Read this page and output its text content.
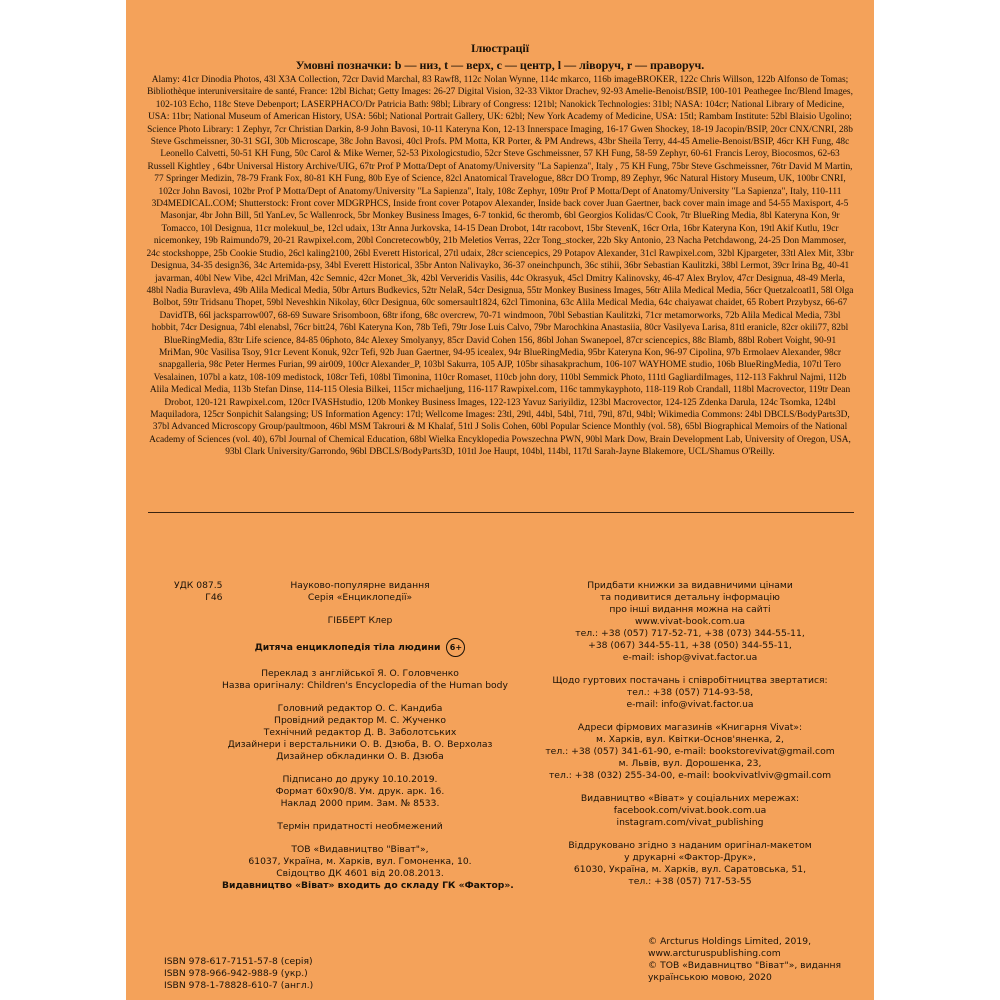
Ілюстрації
Умовні позначки: b — низ, t — верх, c — центр, l — ліворуч, r — праворуч.

Alamy: 41cr Dinodia Photos, 43l X3A Collection, 72cr David Marchal, 83 Rawf8, 112c Nolan Wynne, 114c mkarco, 116b imageBROKER, 122c Chris Willson, 122b Alfonso de Tomas; Bibliothèque interuniversitaire de santé, France: 12bl Bichat; Getty Images: 26-27 Digital Vision, 32-33 Viktor Drachev, 92-93 Amelie-Benoist/BSIP, 100-101 Peathegee Inc/Blend Images, 102-103 Echo, 118c Steve Debenport; LASERPHACO/Dr Patricia Bath: 98bl; Library of Congress: 121bl; Nanokick Technologies: 31bl; NASA: 104cr; National Library of Medicine, USA: 11br; National Museum of American History, USA: 56bl; National Portrait Gallery, UK: 62bl; New York Academy of Medicine, USA: 15tl; Rambam Institute: 52bl Blaisio Ugolino; Science Photo Library: 1 Zephyr, 7cr Christian Darkin, 8-9 John Bavosi, 10-11 Kateryna Kon, 12-13 Innerspace Imaging, 16-17 Gwen Shockey, 18-19 Jacopin/BSIP, 20cr CNX/CNRI, 28b Steve Gschmeissner, 30-31 SGI, 30b Microscape, 38c John Bavosi, 40cl Profs. PM Motta, KR Porter, & PM Andrews, 43br Sheila Terry, 44-45 Amelie-Benoist/BSIP, 46cr KH Fung, 48c Leonello Calvetti, 50-51 KH Fung, 50c Carol & Mike Werner, 52-53 Pixologicstudio, 52cr Steve Gschmeissner, 57 KH Fung, 58-59 Zephyr, 60-61 Francis Leroy, Biocosmos, 62-63 Russell Kightley , 64br Universal History Archive/UIG, 67tr Prof P Motta/Dept of Anatomy/University "La Sapienza", Italy , 75 KH Fung, 75br Steve Gschmeissner, 76tr David M Martin, 77 Springer Medizin, 78-79 Frank Fox, 80-81 KH Fung, 80b Eye of Science, 82cl Anatomical Travelogue, 88cr DO Tromp, 89 Zephyr, 96c Natural History Museum, UK, 100br CNRI, 102cr John Bavosi, 102br Prof P Motta/Dept of Anatomy/University "La Sapienza", Italy, 108c Zephyr, 109tr Prof P Motta/Dept of Anatomy/University "La Sapienza", Italy, 110-111 3D4MEDICAL.COM; Shutterstock: Front cover MDGRPHCS, Inside front cover Potapov Alexander, Inside back cover Juan Gaertner, back cover main image and 54-55 Maxisport, 4-5 Masonjar, 4br John Bill, 5tl YanLev, 5c Wallenrock, 5br Monkey Business Images, 6-7 tonkid, 6c theromb, 6bl Georgios Kolidas/C Cook, 7tr BlueRing Media, 8bl Kateryna Kon, 9r Tomacco, 10l Designua, 11cr molekuul_be, 12cl udaix, 13tr Anna Jurkovska, 14-15 Dean Drobot, 14tr racobovt, 15br StevenK, 16cr Orla, 16br Kateryna Kon, 19tl Akif Kutlu, 19cr nicemonkey, 19b Raimundo79, 20-21 Rawpixel.com, 20bl Concretecowb0y, 21b Meletios Verras, 22cr Tong_stocker, 22b Sky Antonio, 23 Nacha Petchdawong, 24-25 Don Mammoser, 24c stockshoppe, 25b Cookie Studio, 26cl kaling2100, 26bl Everett Historical, 27tl udaix, 28cr sciencepics, 29 Potapov Alexander, 31cl Rawpixel.com, 32bl Kjpargeter, 33tl Alex Mit, 33br Designua, 34-35 design36, 34c Artemida-psy, 34bl Everett Historical, 35br Anton Nalivayko, 36-37 oneinchpunch, 36c stihii, 36br Sebastian Kaulitzki, 38bl Lermot, 39cr Irina Bg, 40-41 javarman, 40bl New Vibe, 42cl MriMan, 42c Semnic, 42cr Monet_3k, 42bl Ververidis Vasilis, 44c Okrasyuk, 45cl Dmitry Kalinovsky, 46-47 Alex Brylov, 47cr Designua, 48-49 Merla, 48bl Nadia Buravleva, 49b Alila Medical Media, 50br Arturs Budkevics, 52tr NelaR, 54cr Designua, 55tr Monkey Business Images, 56tr Alila Medical Media, 56cr Quetzalcoatl1, 58l Olga Bolbot, 59tr Tridsanu Thopet, 59bl Neveshkin Nikolay, 60cr Designua, 60c somersault1824, 62cl Timonina, 63c Alila Medical Media, 64c chaiyawat chaidet, 65 Robert Przybysz, 66-67 DavidTB, 66l jacksparrow007, 68-69 Suware Srisomboon, 68tr ifong, 68c overcrew, 70-71 windmoon, 70bl Sebastian Kaulitzki, 71cr metamorworks, 72b Alila Medical Media, 73bl hobbit, 74cr Designua, 74bl elenabsl, 76cr bitt24, 76bl Kateryna Kon, 78b Tefi, 79tr Jose Luis Calvo, 79br Marochkina Anastasiia, 80cr Vasilyeva Larisa, 81tl eranicle, 82cr okili77, 82bl BlueRingMedia, 83tr Life science, 84-85 06photo, 84c Alexey Smolyanyy, 85cr David Cohen 156, 86bl Johan Swanepoel, 87cr sciencepics, 88c Blamb, 88bl Robert Voight, 90-91 MriMan, 90c Vasilisa Tsoy, 91cr Levent Konuk, 92cr Tefi, 92b Juan Gaertner, 94-95 icealex, 94r BlueRingMedia, 95br Kateryna Kon, 96-97 Cipolina, 97b Ermolaev Alexander, 98cr snapgalleria, 98c Peter Hermes Furian, 99 air009, 100cr Alexander_P, 103bl Sakurra, 105 AJP, 105br sihasakprachum, 106-107 WAYHOME studio, 106b BlueRingMedia, 107tl Tero Vesalainen, 107bl a katz, 108-109 medistock, 108cr Tefi, 108bl Timonina, 110cr Romaset, 110cb john dory, 110bl Semmick Photo, 111tl GagliardiImages, 112-113 Fakhrul Najmi, 112b Alila Medical Media, 113b Stefan Dinse, 114-115 Olesia Bilkei, 115cr michaeljung, 116-117 Rawpixel.com, 116c tammykayphoto, 118-119 Rob Crandall, 118bl Macrovector, 119tr Dean Drobot, 120-121 Rawpixel.com, 120cr IVASHstudio, 120b Monkey Business Images, 122-123 Yavuz Sariyildiz, 123bl Macrovector, 124-125 Zdenka Darula, 124c Tsomka, 124bl Maquiladora, 125cr Sonpichit Salangsing; US Information Agency: 17tl; Wellcome Images: 23tl, 29tl, 44bl, 54bl, 71tl, 79tl, 87tl, 94bl; Wikimedia Commons: 24bl DBCLS/BodyParts3D, 37bl Advanced Microscopy Group/paultmoon, 46bl MSM Takrouri & M Khalaf, 51tl J Solis Cohen, 60bl Popular Science Monthly (vol. 58), 65bl Biographical Memoirs of the National Academy of Sciences (vol. 40), 67bl Journal of Chemical Education, 68bl Wielka Encyklopedia Powszechna PWN, 90bl Mark Dow, Brain Development Lab, University of Oregon, USA, 93bl Clark University/Garrondo, 96bl DBCLS/BodyParts3D, 101tl Joe Haupt, 104bl, 114bl, 117tl Sarah-Jayne Blakemore, UCL/Shamus O'Reilly.

УДК 087.5
Г46
Науково-популярне видання
Серія «Енциклопедії»
ГІББЕРТ Клер
Дитяча енциклопедія тіла людини	6+
Переклад з англійської Я. О. Головченко
Назва оригіналу: Children's Encyclopedia of the Human body
Головний редактор О. С. Кандиба
Провідний редактор М. С. Жученко
Технічний редактор Д. В. Заболотських
Дизайнери і верстальники О. В. Дзюба, В. О. Верхолаз
Дизайнер обкладинки О. В. Дзюба
Підписано до друку 10.10.2019.
Формат 60х90/8. Ум. друк. арк. 16.
Наклад 2000 прим. Зам. № 8533.
Термін придатності необмежений
ТОВ «Видавництво "Віват"»,
61037, Україна, м. Харків, вул. Гомоненка, 10.
Свідоцтво ДК 4601 від 20.08.2013.
Видавництво «Віват» входить до складу ГК «Фактор».
Придбати книжки за видавничими цінами
та подивитися детальну інформацію
про інші видання можна на сайті
www.vivat-book.com.ua
тел.: +38 (057) 717-52-71, +38 (073) 344-55-11,
+38 (067) 344-55-11, +38 (050) 344-55-11,
e-mail: ishop@vivat.factor.ua
Щодо гуртових постачань і співробітництва звертатися:
тел.: +38 (057) 714-93-58,
e-mail: info@vivat.factor.ua
Адреси фірмових магазинів «Книгарня Vivat»:
м. Харків, вул. Квітки-Основ'яненка, 2,
тел.: +38 (057) 341-61-90, e-mail: bookstorevivat@gmail.com
м. Львів, вул. Дорошенка, 23,
тел.: +38 (032) 255-34-00, e-mail: bookvivatlviv@gmail.com
Видавництво «Віват» у соціальних мережах:
facebook.com/vivat.book.com.ua
instagram.com/vivat_publishing
Віддруковано згідно з наданим оригінал-макетом
у друкарні «Фактор-Друк»,
61030, Україна, м. Харків, вул. Саратовська, 51,
тел.: +38 (057) 717-53-55
ISBN 978-617-7151-57-8 (серія)
ISBN 978-966-942-988-9 (укр.)
ISBN 978-1-78828-610-7 (англ.)
© Arcturus Holdings Limited, 2019,
www.arcturuspublishing.com
© ТОВ «Видавництво "Віват"», видання
українською мовою, 2020
